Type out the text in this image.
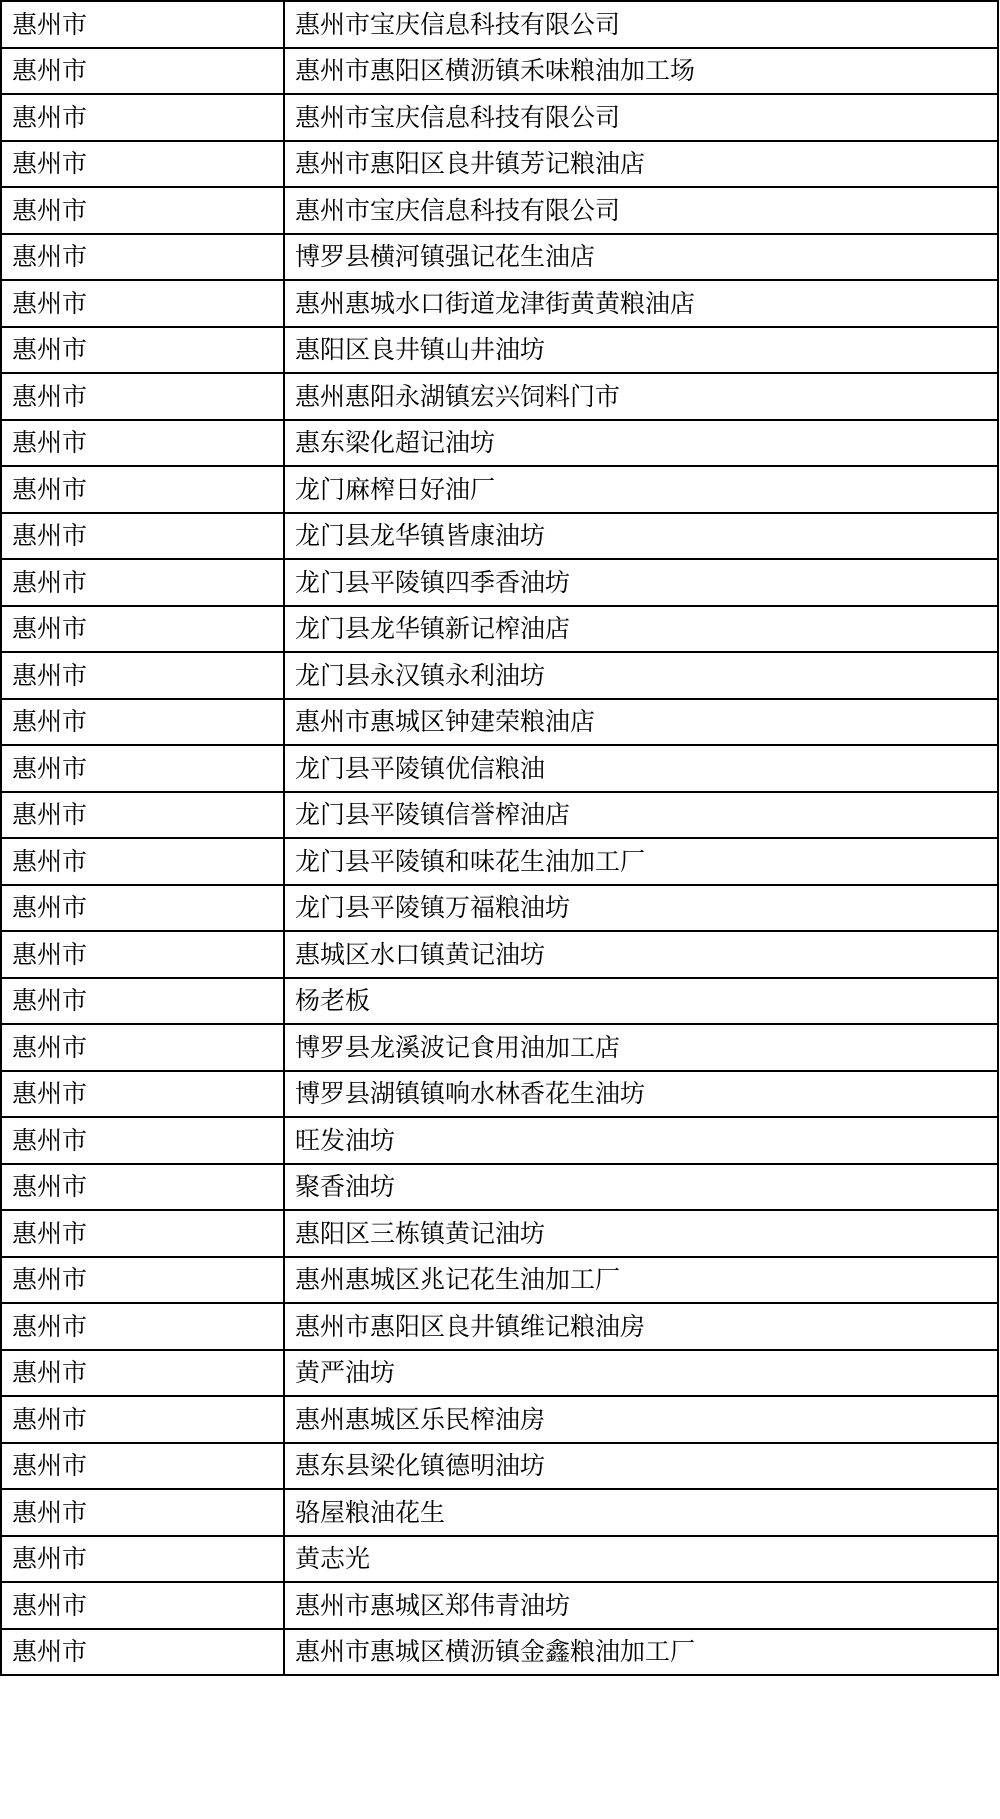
惠州市	惠州市宝庆信息科技有限公司
惠州市	惠州市惠阳区横沥镇禾味粮油加工场
惠州市	惠州市宝庆信息科技有限公司
惠州市	惠州市惠阳区良井镇芳记粮油店
惠州市	惠州市宝庆信息科技有限公司
惠州市	博罗县横河镇强记花生油店
惠州市	惠州惠城水口街道龙津街黄黄粮油店
惠州市	惠阳区良井镇山井油坊
惠州市	惠州惠阳永湖镇宏兴饲料门市
惠州市	惠东梁化超记油坊
惠州市	龙门麻榨日好油厂
惠州市	龙门县龙华镇皆康油坊
惠州市	龙门县平陵镇四季香油坊
惠州市	龙门县龙华镇新记榨油店
惠州市	龙门县永汉镇永利油坊
惠州市	惠州市惠城区钟建荣粮油店
惠州市	龙门县平陵镇优信粮油
惠州市	龙门县平陵镇信誉榨油店
惠州市	龙门县平陵镇和味花生油加工厂
惠州市	龙门县平陵镇万福粮油坊
惠州市	惠城区水口镇黄记油坊
惠州市	杨老板
惠州市	博罗县龙溪波记食用油加工店
惠州市	博罗县湖镇镇响水林香花生油坊
惠州市	旺发油坊
惠州市	聚香油坊
惠州市	惠阳区三栋镇黄记油坊
惠州市	惠州惠城区兆记花生油加工厂
惠州市	惠州市惠阳区良井镇维记粮油房
惠州市	黄严油坊
惠州市	惠州惠城区乐民榨油房
惠州市	惠东县梁化镇德明油坊
惠州市	骆屋粮油花生
惠州市	黄志光
惠州市	惠州市惠城区郑伟青油坊
惠州市	惠州市惠城区横沥镇金鑫粮油加工厂
